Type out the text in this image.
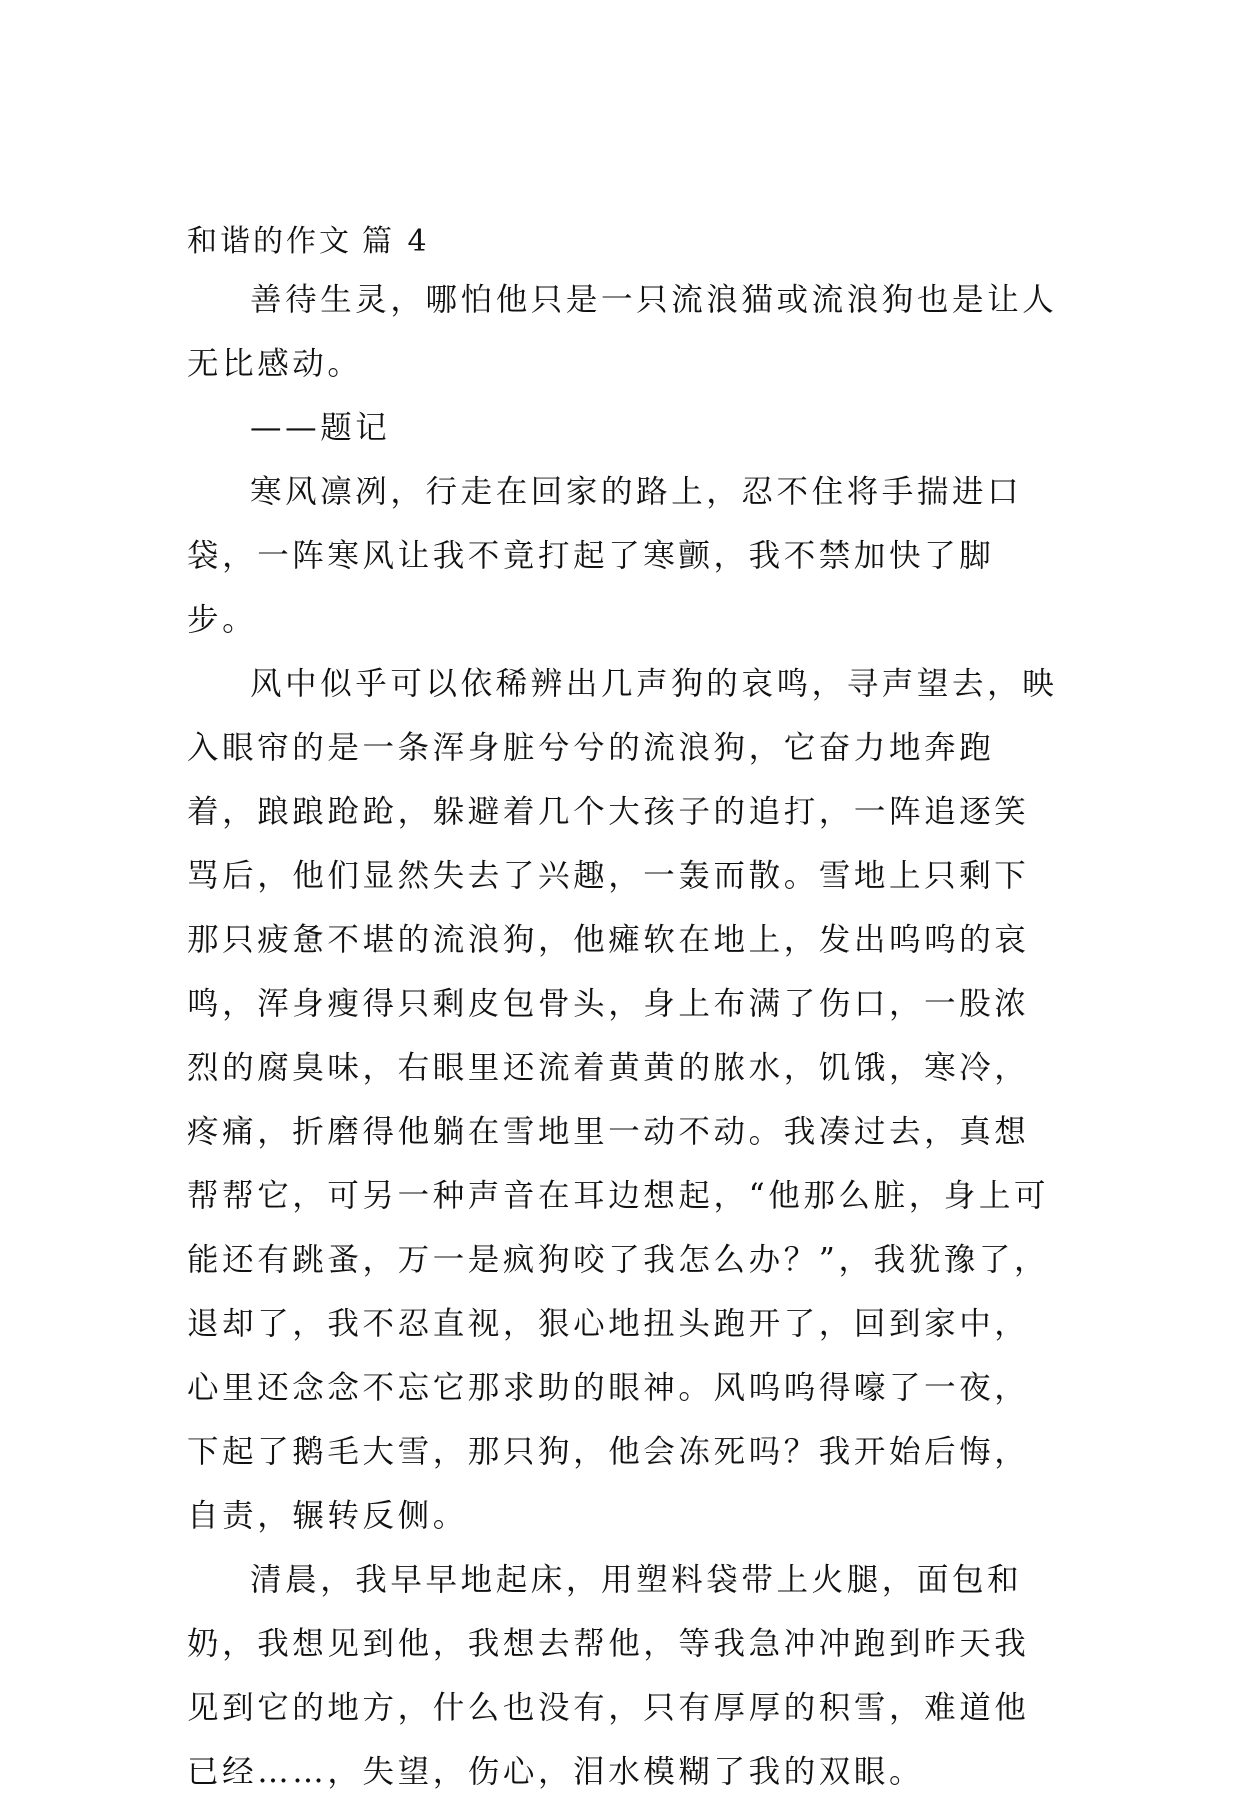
和谐的作文 篇 4

善待生灵，哪怕他只是一只流浪猫或流浪狗也是让人无比感动。

——题记

寒风凛冽，行走在回家的路上，忍不住将手揣进口袋，一阵寒风让我不竟打起了寒颤，我不禁加快了脚步。

风中似乎可以依稀辨出几声狗的哀鸣，寻声望去，映入眼帘的是一条浑身脏兮兮的流浪狗，它奋力地奔跑着，踉踉跄跄，躲避着几个大孩子的追打，一阵追逐笑骂后，他们显然失去了兴趣，一轰而散。雪地上只剩下那只疲惫不堪的流浪狗，他瘫软在地上，发出呜呜的哀鸣，浑身瘦得只剩皮包骨头，身上布满了伤口，一股浓烈的腐臭味，右眼里还流着黄黄的脓水，饥饿，寒冷，疼痛，折磨得他躺在雪地里一动不动。我凑过去，真想帮帮它，可另一种声音在耳边想起，“他那么脏，身上可能还有跳蚤，万一是疯狗咬了我怎么办？”，我犹豫了，退却了，我不忍直视，狠心地扭头跑开了，回到家中，心里还念念不忘它那求助的眼神。风呜呜得嚎了一夜，下起了鹅毛大雪，那只狗，他会冻死吗？我开始后悔，自责，辗转反侧。

清晨，我早早地起床，用塑料袋带上火腿，面包和奶，我想见到他，我想去帮他，等我急冲冲跑到昨天我见到它的地方，什么也没有，只有厚厚的积雪，难道他已经……，失望，伤心，泪水模糊了我的双眼。
